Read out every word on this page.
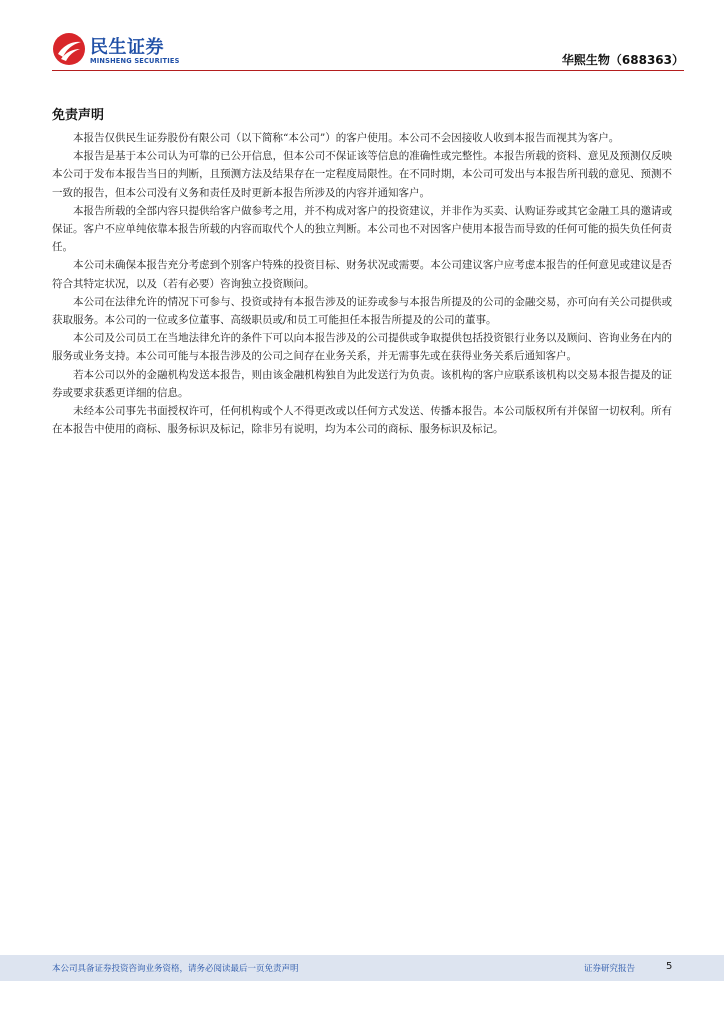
民生证券
MINSHENG SECURITIES	华熙生物（688363）
免责声明

本报告仅供民生证券股份有限公司（以下简称“本公司”）的客户使用。本公司不会因接收人收到本报告而视其为客户。

本报告是基于本公司认为可靠的已公开信息，但本公司不保证该等信息的准确性或完整性。本报告所载的资料、意见及预测仅反映本公司于发布本报告当日的判断，且预测方法及结果存在一定程度局限性。在不同时期，本公司可发出与本报告所刊载的意见、预测不一致的报告，但本公司没有义务和责任及时更新本报告所涉及的内容并通知客户。

本报告所载的全部内容只提供给客户做参考之用，并不构成对客户的投资建议，并非作为买卖、认购证券或其它金融工具的邀请或保证。客户不应单纯依靠本报告所载的内容而取代个人的独立判断。本公司也不对因客户使用本报告而导致的任何可能的损失负任何责任。

本公司未确保本报告充分考虑到个别客户特殊的投资目标、财务状况或需要。本公司建议客户应考虑本报告的任何意见或建议是否符合其特定状况，以及（若有必要）咨询独立投资顾问。

本公司在法律允许的情况下可参与、投资或持有本报告涉及的证券或参与本报告所提及的公司的金融交易，亦可向有关公司提供或获取服务。本公司的一位或多位董事、高级职员或/和员工可能担任本报告所提及的公司的董事。

本公司及公司员工在当地法律允许的条件下可以向本报告涉及的公司提供或争取提供包括投资银行业务以及顾问、咨询业务在内的服务或业务支持。本公司可能与本报告涉及的公司之间存在业务关系，并无需事先或在获得业务关系后通知客户。

若本公司以外的金融机构发送本报告，则由该金融机构独自为此发送行为负责。该机构的客户应联系该机构以交易本报告提及的证券或要求获悉更详细的信息。

未经本公司事先书面授权许可，任何机构或个人不得更改或以任何方式发送、传播本报告。本公司版权所有并保留一切权利。所有在本报告中使用的商标、服务标识及标记，除非另有说明，均为本公司的商标、服务标识及标记。

本公司具备证券投资咨询业务资格，请务必阅读最后一页免责声明	证券研究报告	5
